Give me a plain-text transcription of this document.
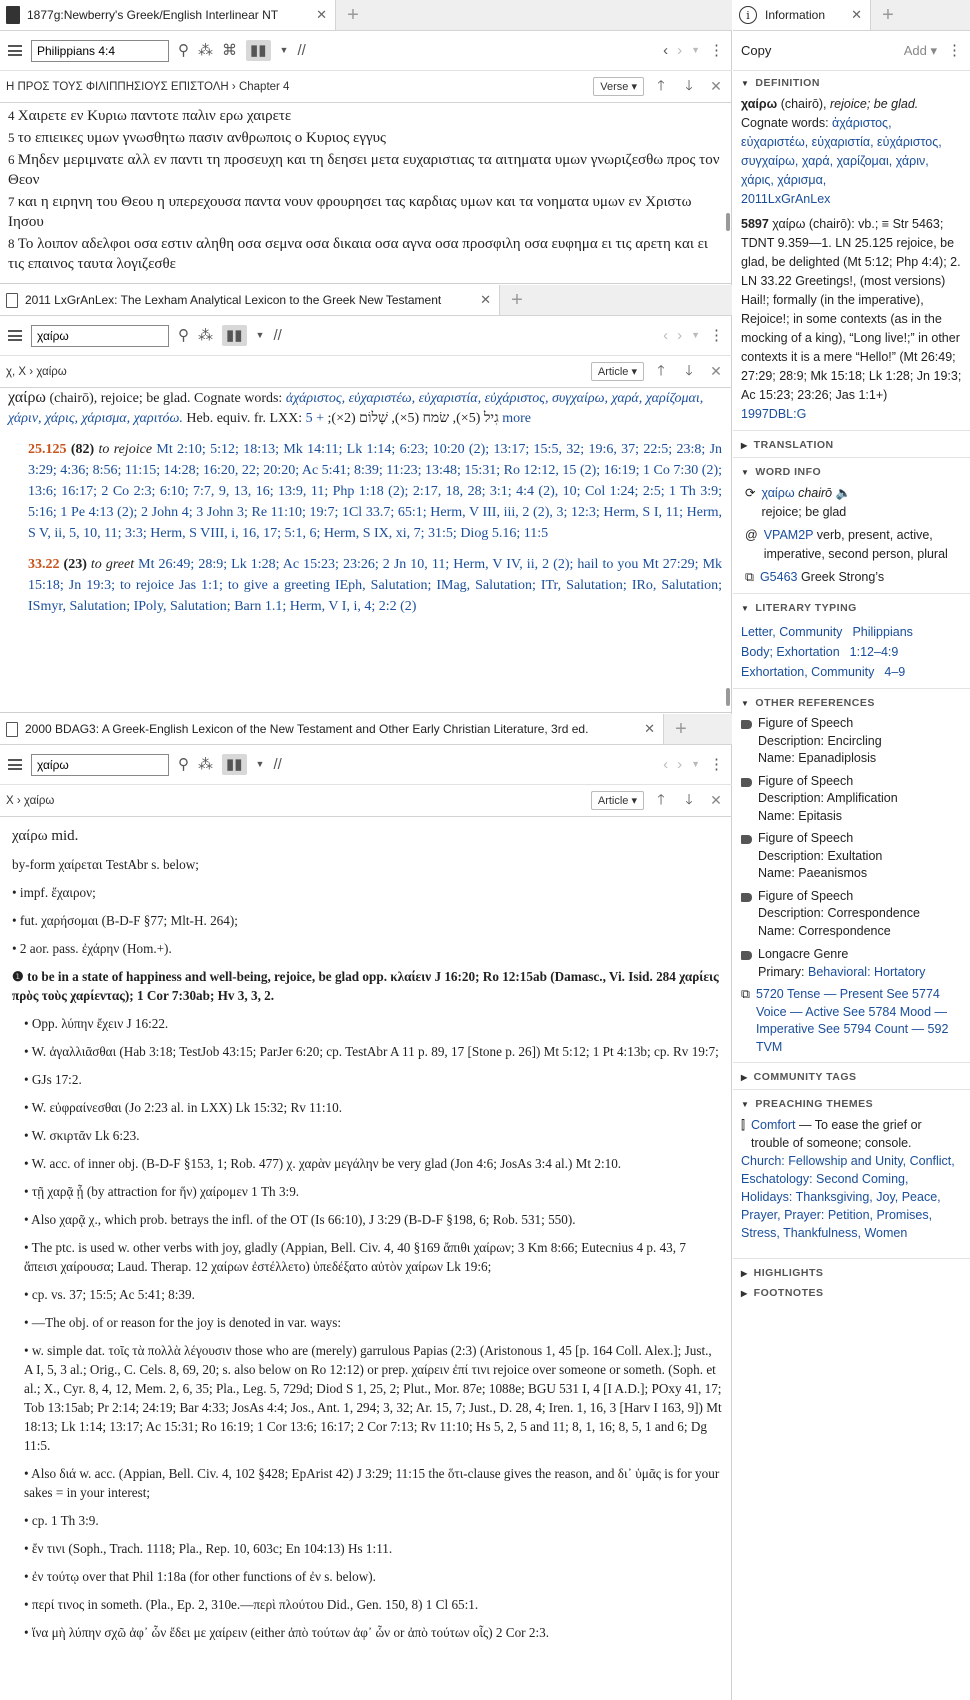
1877g:Newberry's Greek/English Interlinear NT	✕	+
Philippians 4:4
⚲ ⁂ ⌘ ▮▮	▼ //	‹ › ▼ ⋮
Η ΠΡΟΣ ΤΟΥΣ ΦΙΛΙΠΠΗΣΙΟΥΣ ΕΠΙΣΤΟΛΗ › Chapter 4	Verse ▾	🡑	🡓	✕

4 Χαιρετε εν Κυριω παντοτε παλιν ερω χαιρετε

5 το επιεικες υμων γνωσθητω πασιν ανθρωποις ο Κυριος εγγυς

6 Μηδεν μεριμνατε αλλ εν παντι τη προσευχη και τη δεησει μετα ευχαριστιας τα αιτηματα υμων γνωριζεσθω προς τον Θεον

7 και η ειρηνη του Θεου η υπερεχουσα παντα νουν φρουρησει τας καρδιας υμων και τα νοηματα υμων εν Χριστω Ιησου

8 Το λοιπον αδελφοι οσα εστιν αληθη οσα σεμνα οσα δικαια οσα αγνα οσα προσφιλη οσα ευφημα ει τις αρετη και ει τις επαινος ταυτα λογιζεσθε

2011 LxGrAnLex: The Lexham Analytical Lexicon to the Greek New Testament	✕	+
χαίρω
⚲ ⁂ ▮▮	▼ //	‹ › ▼ ⋮
χ, Χ › χαίρω	Article ▾	🡑	🡓	✕
χαίρω (chairō), rejoice; be glad. Cognate words: ἀχάριστος, εὐχαριστέω, εὐχαριστία, εὐχάριστος, συγχαίρω, χαρά, χαρίζομαι, χάριν, χάρις, χάρισμα, χαριτόω. Heb. equiv. fr. LXX: גִיל (5×), שׂמח (5×), שָׁלוֹם (2×); + 5 more
25.125 (82) to rejoice Mt 2:10; 5:12; 18:13; Mk 14:11; Lk 1:14; 6:23; 10:20 (2); 13:17; 15:5, 32; 19:6, 37; 22:5; 23:8; Jn 3:29; 4:36; 8:56; 11:15; 14:28; 16:20, 22; 20:20; Ac 5:41; 8:39; 11:23; 13:48; 15:31; Ro 12:12, 15 (2); 16:19; 1 Co 7:30 (2); 13:6; 16:17; 2 Co 2:3; 6:10; 7:7, 9, 13, 16; 13:9, 11; Php 1:18 (2); 2:17, 18, 28; 3:1; 4:4 (2), 10; Col 1:24; 2:5; 1 Th 3:9; 5:16; 1 Pe 4:13 (2); 2 John 4; 3 John 3; Re 11:10; 19:7; 1Cl 33.7; 65:1; Herm, V III, iii, 2 (2), 3; 12:3; Herm, S I, 11; Herm, S V, ii, 5, 10, 11; 3:3; Herm, S VIII, i, 16, 17; 5:1, 6; Herm, S IX, xi, 7; 31:5; Diog 5.16; 11:5
33.22 (23) to greet Mt 26:49; 28:9; Lk 1:28; Ac 15:23; 23:26; 2 Jn 10, 11; Herm, V IV, ii, 2 (2); hail to you Mt 27:29; Mk 15:18; Jn 19:3; to rejoice Jas 1:1; to give a greeting IEph, Salutation; IMag, Salutation; ITr, Salutation; IRo, Salutation; ISmyr, Salutation; IPoly, Salutation; Barn 1.1; Herm, V I, i, 4; 2:2 (2)
2000 BDAG3: A Greek-English Lexicon of the New Testament and Other Early Christian Literature, 3rd ed.	✕	+
χαίρω
⚲ ⁂ ▮▮	▼ //	‹ › ▼ ⋮
Χ › χαίρω	Article ▾	🡑	🡓	✕
χαίρω mid.
by-form χαίρεται TestAbr s. below;
• impf. ἔχαιρον;
• fut. χαρήσομαι (B-D-F §77; Mlt-H. 264);
• 2 aor. pass. ἐχάρην (Hom.+).
❶ to be in a state of happiness and well-being, rejoice, be glad opp. κλαίειν J 16:20; Ro 12:15ab (Damasc., Vi. Isid. 284 χαρίεις πρὸς τοὺς χαρίεντας); 1 Cor 7:30ab; Hv 3, 3, 2.
• Opp. λύπην ἔχειν J 16:22.
• W. ἀγαλλιᾶσθαι (Hab 3:18; TestJob 43:15; ParJer 6:20; cp. TestAbr A 11 p. 89, 17 [Stone p. 26]) Mt 5:12; 1 Pt 4:13b; cp. Rv 19:7;
• GJs 17:2.
• W. εὐφραίνεσθαι (Jo 2:23 al. in LXX) Lk 15:32; Rv 11:10.
• W. σκιρτᾶν Lk 6:23.
• W. acc. of inner obj. (B-D-F §153, 1; Rob. 477) χ. χαρὰν μεγάλην be very glad (Jon 4:6; JosAs 3:4 al.) Mt 2:10.
• τῇ χαρᾷ ᾗ (by attraction for ἥν) χαίρομεν 1 Th 3:9.
• Also χαρᾷ χ., which prob. betrays the infl. of the OT (Is 66:10), J 3:29 (B-D-F §198, 6; Rob. 531; 550).
• The ptc. is used w. other verbs with joy, gladly (Appian, Bell. Civ. 4, 40 §169 ἄπιθι χαίρων; 3 Km 8:66; Eutecnius 4 p. 43, 7 ἄπεισι χαίρουσα; Laud. Therap. 12 χαίρων ἐστέλλετο) ὑπεδέξατο αὐτὸν χαίρων Lk 19:6;
• cp. vs. 37; 15:5; Ac 5:41; 8:39.
• —The obj. of or reason for the joy is denoted in var. ways:
• w. simple dat. τοῖς τὰ πολλὰ λέγουσιν those who are (merely) garrulous Papias (2:3) (Aristonous 1, 45 [p. 164 Coll. Alex.]; Just., A I, 5, 3 al.; Orig., C. Cels. 8, 69, 20; s. also below on Ro 12:12) or prep. χαίρειν ἐπί τινι rejoice over someone or someth. (Soph. et al.; X., Cyr. 8, 4, 12, Mem. 2, 6, 35; Pla., Leg. 5, 729d; Diod S 1, 25, 2; Plut., Mor. 87e; 1088e; BGU 531 I, 4 [I A.D.]; POxy 41, 17; Tob 13:15ab; Pr 2:14; 24:19; Bar 4:33; JosAs 4:4; Jos., Ant. 1, 294; 3, 32; Ar. 15, 7; Just., D. 28, 4; Iren. 1, 16, 3 [Harv I 163, 9]) Mt 18:13; Lk 1:14; 13:17; Ac 15:31; Ro 16:19; 1 Cor 13:6; 16:17; 2 Cor 7:13; Rv 11:10; Hs 5, 2, 5 and 11; 8, 1, 16; 8, 5, 1 and 6; Dg 11:5.
• Also διά w. acc. (Appian, Bell. Civ. 4, 102 §428; EpArist 42) J 3:29; 11:15 the ὅτι-clause gives the reason, and δι᾽ ὑμᾶς is for your sakes = in your interest;
• cp. 1 Th 3:9.
• ἔν τινι (Soph., Trach. 1118; Pla., Rep. 10, 603c; En 104:13) Hs 1:11.
• ἐν τούτῳ over that Phil 1:18a (for other functions of ἐν s. below).
• περί τινος in someth. (Pla., Ep. 2, 310e.—περὶ πλούτου Did., Gen. 150, 8) 1 Cl 65:1.
• ἵνα μὴ λύπην σχῶ ἀφ᾽ ὧν ἔδει με χαίρειν (either ἀπὸ τούτων ἀφ᾽ ὧν or ἀπὸ τούτων οἷς) 2 Cor 2:3.
i	Information	✕	+
Copy	Add ▾ ⋮
▼ DEFINITION
χαίρω (chairō), rejoice; be glad. Cognate words: ἀχάριστος, εὐχαριστέω, εὐχαριστία, εὐχάριστος, συγχαίρω, χαρά, χαρίζομαι, χάριν, χάρις, χάρισμα,
2011LxGrAnLex
5897 χαίρω (chairō): vb.; ≡ Str 5463; TDNT 9.359—1. LN 25.125 rejoice, be glad, be delighted (Mt 5:12; Php 4:4); 2. LN 33.22 Greetings!, (most versions) Hail!; formally (in the imperative), Rejoice!; in some contexts (as in the mocking of a king), “Long live!;” in other contexts it is a mere “Hello!” (Mt 26:49; 27:29; 28:9; Mk 15:18; Lk 1:28; Jn 19:3; Ac 15:23; 23:26; Jas 1:1+)
1997DBL:G
▶ TRANSLATION
▼ WORD INFO
⟳ χαίρω chairō 🔈
rejoice; be glad
@ VPAM2P verb, present, active, imperative, second person, plural
⧉ G5463 Greek Strong’s
▼ LITERARY TYPING
Letter, Community Philippians
Body; Exhortation 1:12–4:9
Exhortation, Community 4–9
▼ OTHER REFERENCES
Figure of Speech
Description: Encircling
Name: Epanadiplosis
Figure of Speech
Description: Amplification
Name: Epitasis
Figure of Speech
Description: Exultation
Name: Paeanismos
Figure of Speech
Description: Correspondence
Name: Correspondence
Longacre Genre
Primary: Behavioral: Hortatory
⧉ 5720 Tense — Present See 5774 Voice — Active See 5784 Mood — Imperative See 5794 Count — 592
TVM
▶ COMMUNITY TAGS
▼ PREACHING THEMES
⫿ Comfort — To ease the grief or trouble of someone; console.
Church: Fellowship and Unity, Conflict, Eschatology: Second Coming, Holidays: Thanksgiving, Joy, Peace, Prayer, Prayer: Petition, Promises, Stress, Thankfulness, Women
▶ HIGHLIGHTS
▶ FOOTNOTES
